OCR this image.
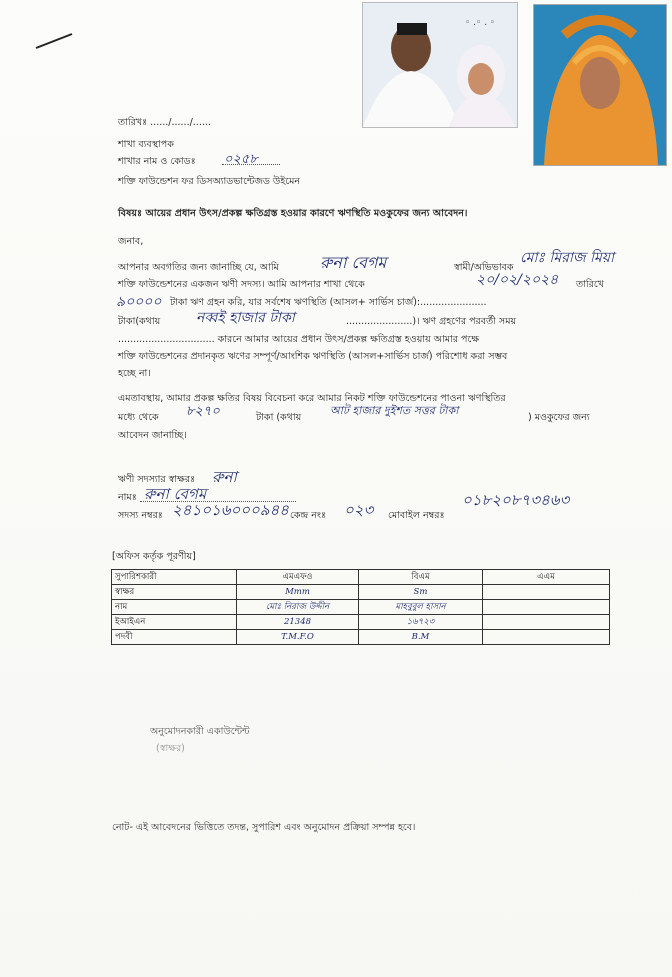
◦ .◦ . ◦
তারিখঃ ....../....../......
শাখা ব্যবস্থাপক
শাখার নাম ও কোডঃ ০২৫৮
শক্তি ফাউন্ডেশন ফর ডিসঅ্যাডভান্টেজড উইমেন
বিষয়ঃ আয়ের প্রধান উৎস/প্রকল্প ক্ষতিগ্রস্ত হওয়ার কারণে ঋণস্থিতি মওকুফের জন্য আবেদন।
জনাব,
আপনার অবগতির জন্য জানাচ্ছি যে, আমি	রুনা বেগম	স্বামী/অভিভাবক
মোঃ মিরাজ মিয়া
শক্তি ফাউন্ডেশনের একজন ঋণী সদস্য। আমি আপনার শাখা থেকে	২০/০২/২০২৪ তারিখে
৯০০০০ টাকা ঋণ গ্রহন করি, যার সর্বশেষ ঋণস্থিতি (আসল+ সার্ভিস চার্জ):......................
টাকা(কথায়	নব্বই হাজার টাকা	......................)। ঋণ গ্রহণের পরবর্তী সময়
................................ কারনে আমার আয়ের প্রধান উৎস/প্রকল্প ক্ষতিগ্রস্ত হওয়ায় আমার পক্ষে
শক্তি ফাউন্ডেশনের প্রদানকৃত ঋণের সম্পূর্ণ/আংশিক ঋণস্থিতি (আসল+সার্ভিস চার্জ) পরিশোধ করা সম্ভব
হচ্ছে না।
এমতাবস্থায়, আমার প্রকল্প ক্ষতির বিষয় বিবেচনা করে আমার নিকট শক্তি ফাউন্ডেশনের পাওনা ঋণস্থিতির
মধ্যে থেকে ৮২৭০	টাকা (কথায়
আট হাজার দুইশত সত্তর টাকা
) মওকুফের জন্য
আবেদন জানাচ্ছি।
ঋণী সদস্যার স্বাক্ষরঃ রুনা
নামঃ রুনা বেগম
সদস্য নম্বরঃ ২৪১০১৬০০০৯৪৪ কেন্দ্র নংঃ ০২৩ মোবাইল নম্বরঃ
০১৮২০৮৭৩৪৬৩
[অফিস কর্তৃক পূরণীয়]
সুপারিশকারী	এমএফও	বিএম	এএম
স্বাক্ষর	Mmm	Sm	
নাম	মোঃ নিরাজ উদ্দীন	মাহবুবুল হাসান	
ইআইএন	21348	১৬৭২৩	
পদবী	T.M.F.O	B.M	
অনুমোদনকারী একাউন্টেন্ট
(স্বাক্ষর)
নোট- এই আবেদনের ভিত্তিতে তদন্ত, সুপারিশ এবং অনুমোদন প্রক্রিয়া সম্পন্ন হবে।
